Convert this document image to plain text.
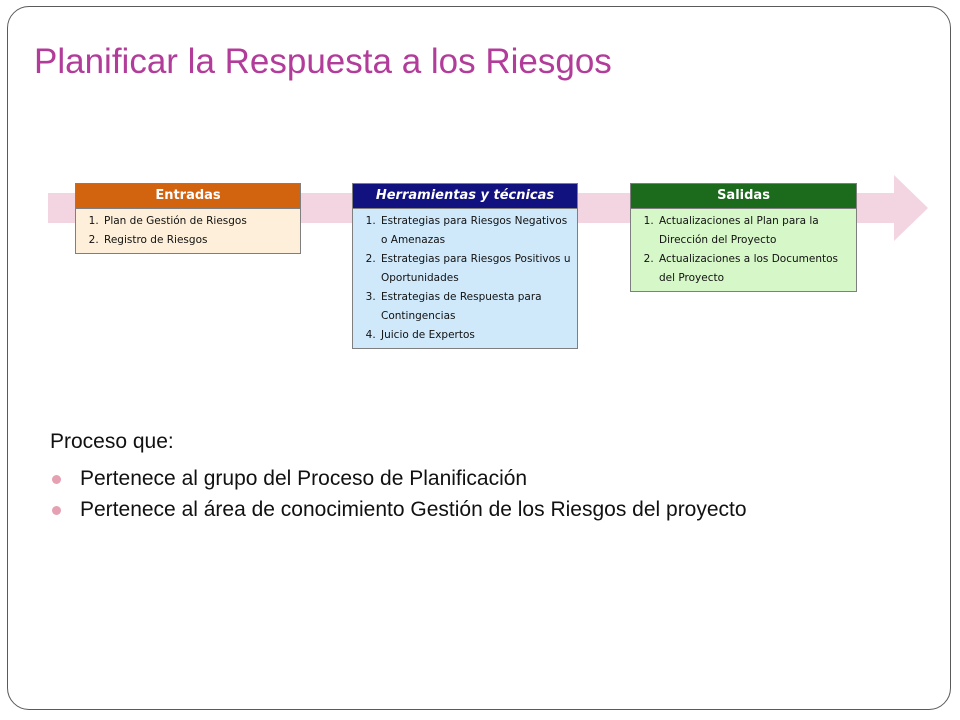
Planificar la Respuesta a los Riesgos
Entradas
1. Plan de Gestión de Riesgos
2. Registro de Riesgos
Herramientas y técnicas
1. Estrategias para Riesgos Negativos o Amenazas
2. Estrategias para Riesgos Positivos u Oportunidades
3. Estrategias de Respuesta para Contingencias
4. Juicio de Expertos
Salidas
1. Actualizaciones al Plan para la Dirección del Proyecto
2. Actualizaciones a los Documentos del Proyecto
Proceso que:
Pertenece al grupo del Proceso de Planificación
Pertenece al área de conocimiento Gestión de los Riesgos del proyecto
